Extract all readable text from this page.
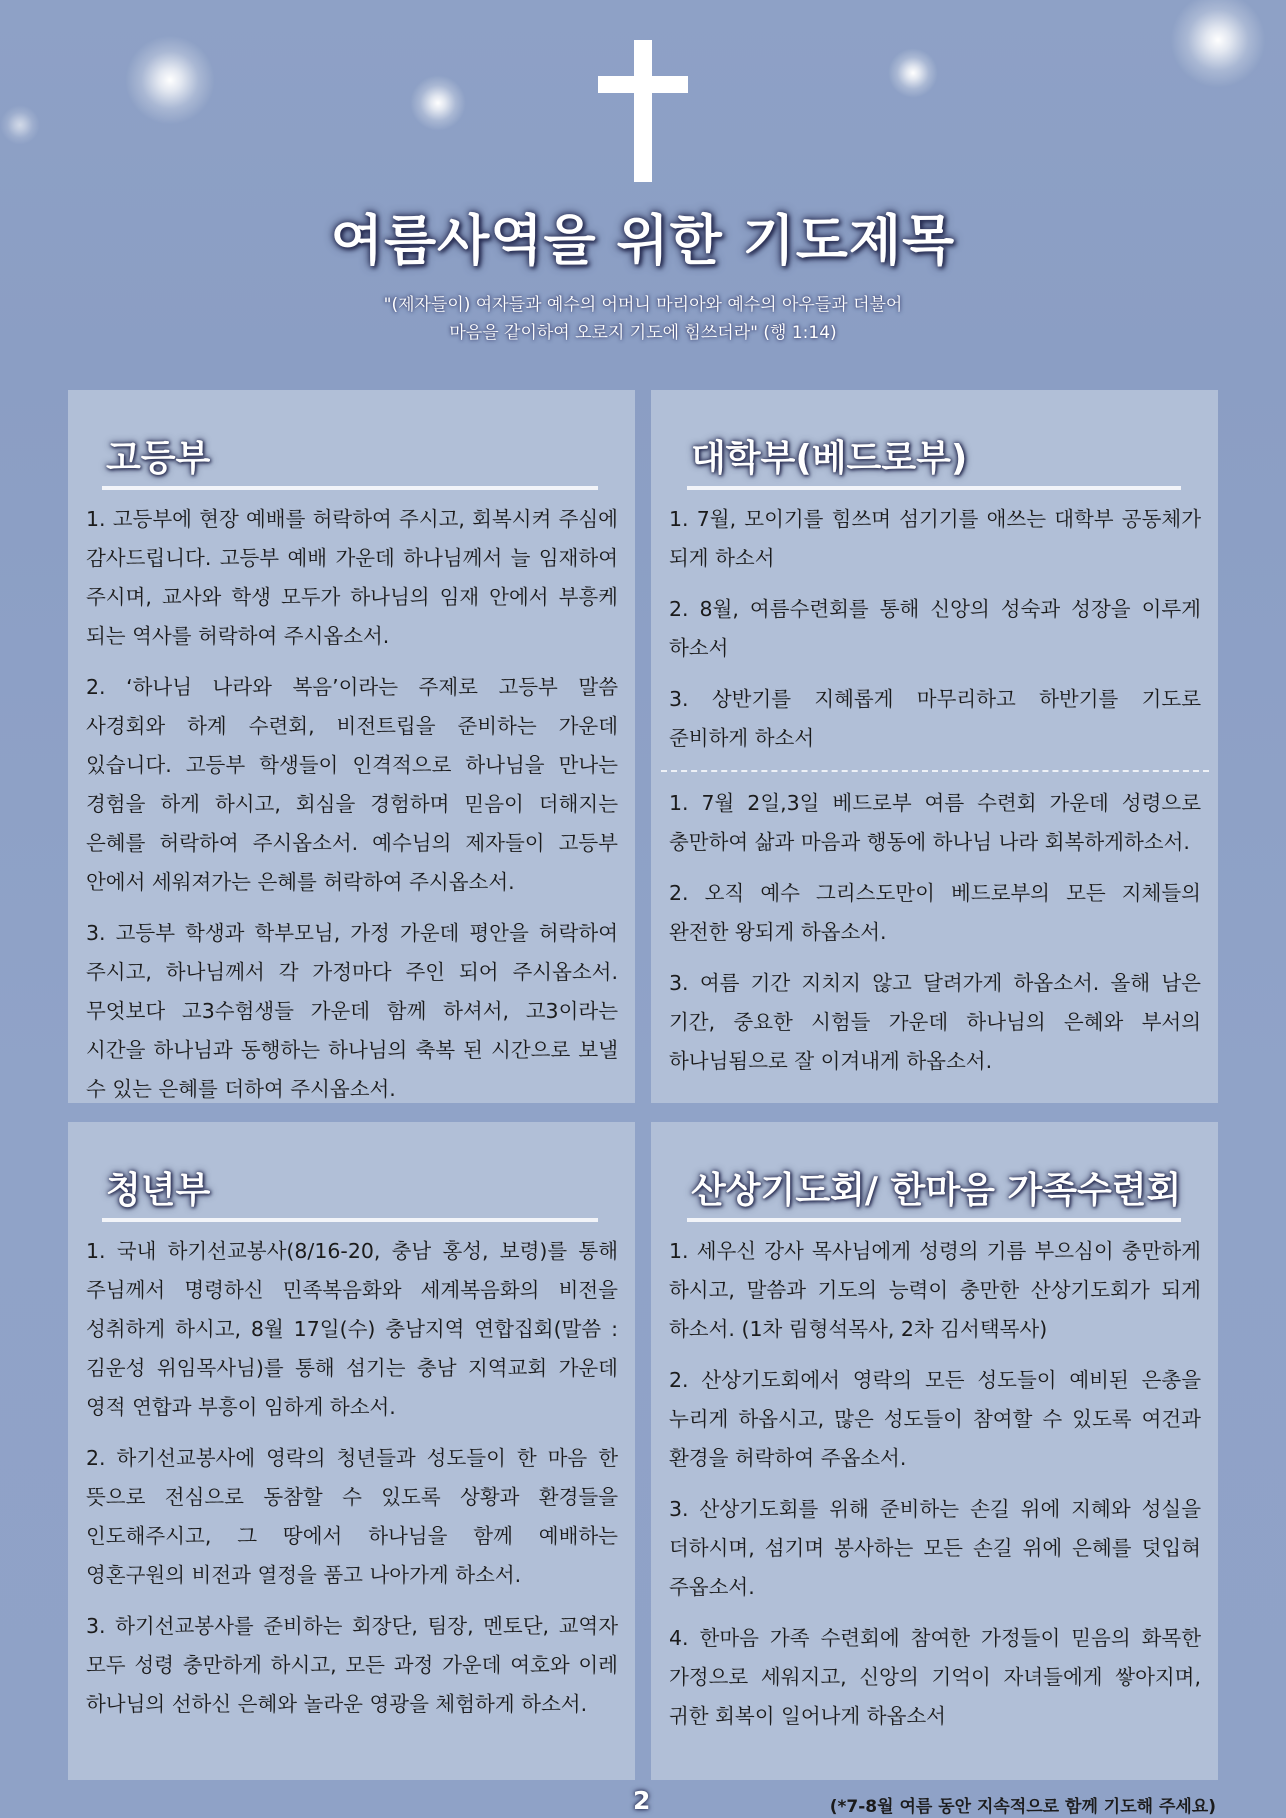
여름사역을 위한 기도제목
"(제자들이) 여자들과 예수의 어머니 마리아와 예수의 아우들과 더불어
마음을 같이하여 오로지 기도에 힘쓰더라" (행 1:14)
고등부

1. 고등부에 현장 예배를 허락하여 주시고, 회복시켜 주심에 감사드립니다. 고등부 예배 가운데 하나님께서 늘 임재하여 주시며, 교사와 학생 모두가 하나님의 임재 안에서 부흥케 되는 역사를 허락하여 주시옵소서.

2. ‘하나님 나라와 복음’이라는 주제로 고등부 말씀 사경회와 하계 수련회, 비전트립을 준비하는 가운데 있습니다. 고등부 학생들이 인격적으로 하나님을 만나는 경험을 하게 하시고, 회심을 경험하며 믿음이 더해지는 은혜를 허락하여 주시옵소서. 예수님의 제자들이 고등부 안에서 세워져가는 은혜를 허락하여 주시옵소서.

3. 고등부 학생과 학부모님, 가정 가운데 평안을 허락하여 주시고, 하나님께서 각 가정마다 주인 되어 주시옵소서. 무엇보다 고3수험생들 가운데 함께 하셔서, 고3이라는 시간을 하나님과 동행하는 하나님의 축복 된 시간으로 보낼 수 있는 은혜를 더하여 주시옵소서.

대학부(베드로부)

1. 7월, 모이기를 힘쓰며 섬기기를 애쓰는 대학부 공동체가 되게 하소서

2. 8월, 여름수련회를 통해 신앙의 성숙과 성장을 이루게 하소서

3. 상반기를 지혜롭게 마무리하고 하반기를 기도로 준비하게 하소서

1. 7월 2일,3일 베드로부 여름 수련회 가운데 성령으로 충만하여 삶과 마음과 행동에 하나님 나라 회복하게하소서.

2. 오직 예수 그리스도만이 베드로부의 모든 지체들의 완전한 왕되게 하옵소서.

3. 여름 기간 지치지 않고 달려가게 하옵소서. 올해 남은 기간, 중요한 시험들 가운데 하나님의 은혜와 부서의 하나님됨으로 잘 이겨내게 하옵소서.

청년부

1. 국내 하기선교봉사(8/16-20, 충남 홍성, 보령)를 통해 주님께서 명령하신 민족복음화와 세계복음화의 비전을 성취하게 하시고, 8월 17일(수) 충남지역 연합집회(말씀 : 김운성 위임목사님)를 통해 섬기는 충남 지역교회 가운데 영적 연합과 부흥이 임하게 하소서.

2. 하기선교봉사에 영락의 청년들과 성도들이 한 마음 한 뜻으로 전심으로 동참할 수 있도록 상황과 환경들을 인도해주시고, 그 땅에서 하나님을 함께 예배하는 영혼구원의 비전과 열정을 품고 나아가게 하소서.

3. 하기선교봉사를 준비하는 회장단, 팀장, 멘토단, 교역자 모두 성령 충만하게 하시고, 모든 과정 가운데 여호와 이레 하나님의 선하신 은혜와 놀라운 영광을 체험하게 하소서.

산상기도회/ 한마음 가족수련회

1. 세우신 강사 목사님에게 성령의 기름 부으심이 충만하게 하시고, 말씀과 기도의 능력이 충만한 산상기도회가 되게 하소서. (1차 림형석목사, 2차 김서택목사)

2. 산상기도회에서 영락의 모든 성도들이 예비된 은총을 누리게 하옵시고, 많은 성도들이 참여할 수 있도록 여건과 환경을 허락하여 주옵소서.

3. 산상기도회를 위해 준비하는 손길 위에 지혜와 성실을 더하시며, 섬기며 봉사하는 모든 손길 위에 은혜를 덧입혀 주옵소서.

4. 한마음 가족 수련회에 참여한 가정들이 믿음의 화목한 가정으로 세워지고, 신앙의 기억이 자녀들에게 쌓아지며, 귀한 회복이 일어나게 하옵소서

2	(*7-8월 여름 동안 지속적으로 함께 기도해 주세요)
